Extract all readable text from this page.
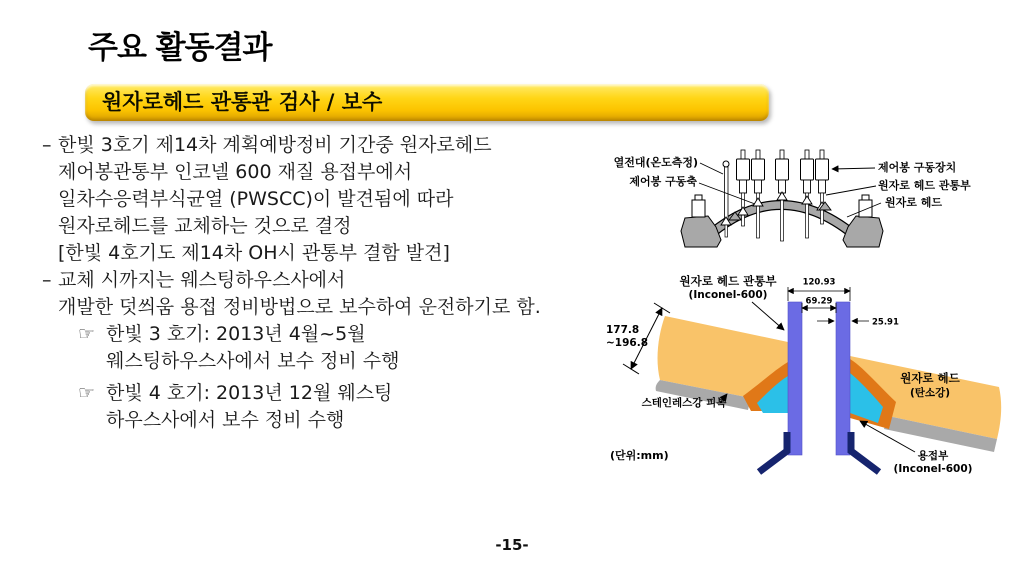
주요 활동결과
원자로헤드 관통관 검사 / 보수
– 한빛 3호기 제14차 계획예방정비 기간중 원자로헤드
제어봉관통부 인코넬 600 재질 용접부에서
일차수응력부식균열 (PWSCC)이 발견됨에 따라
원자로헤드를 교체하는 것으로 결정
[한빛 4호기도 제14차 OH시 관통부 결함 발견]
– 교체 시까지는 웨스팅하우스사에서
개발한 덧씌움 용접 정비방법으로 보수하여 운전하기로 함.
☞ 한빛 3 호기: 2013년 4월~5월
웨스팅하우스사에서 보수 정비 수행
☞ 한빛 4 호기: 2013년 12월 웨스팅
하우스사에서 보수 정비 수행
열전대(온도측정)
제어봉 구동축
제어봉 구동장치
원자로 헤드 관통부
원자로 헤드
120.93
69.29
25.91
177.8
~196.8
원자로 헤드 관통부
(Inconel-600)
원자로 헤드
(탄소강)
스테인레스강 피복
용접부
(Inconel-600)
(단위:mm)
-15-
